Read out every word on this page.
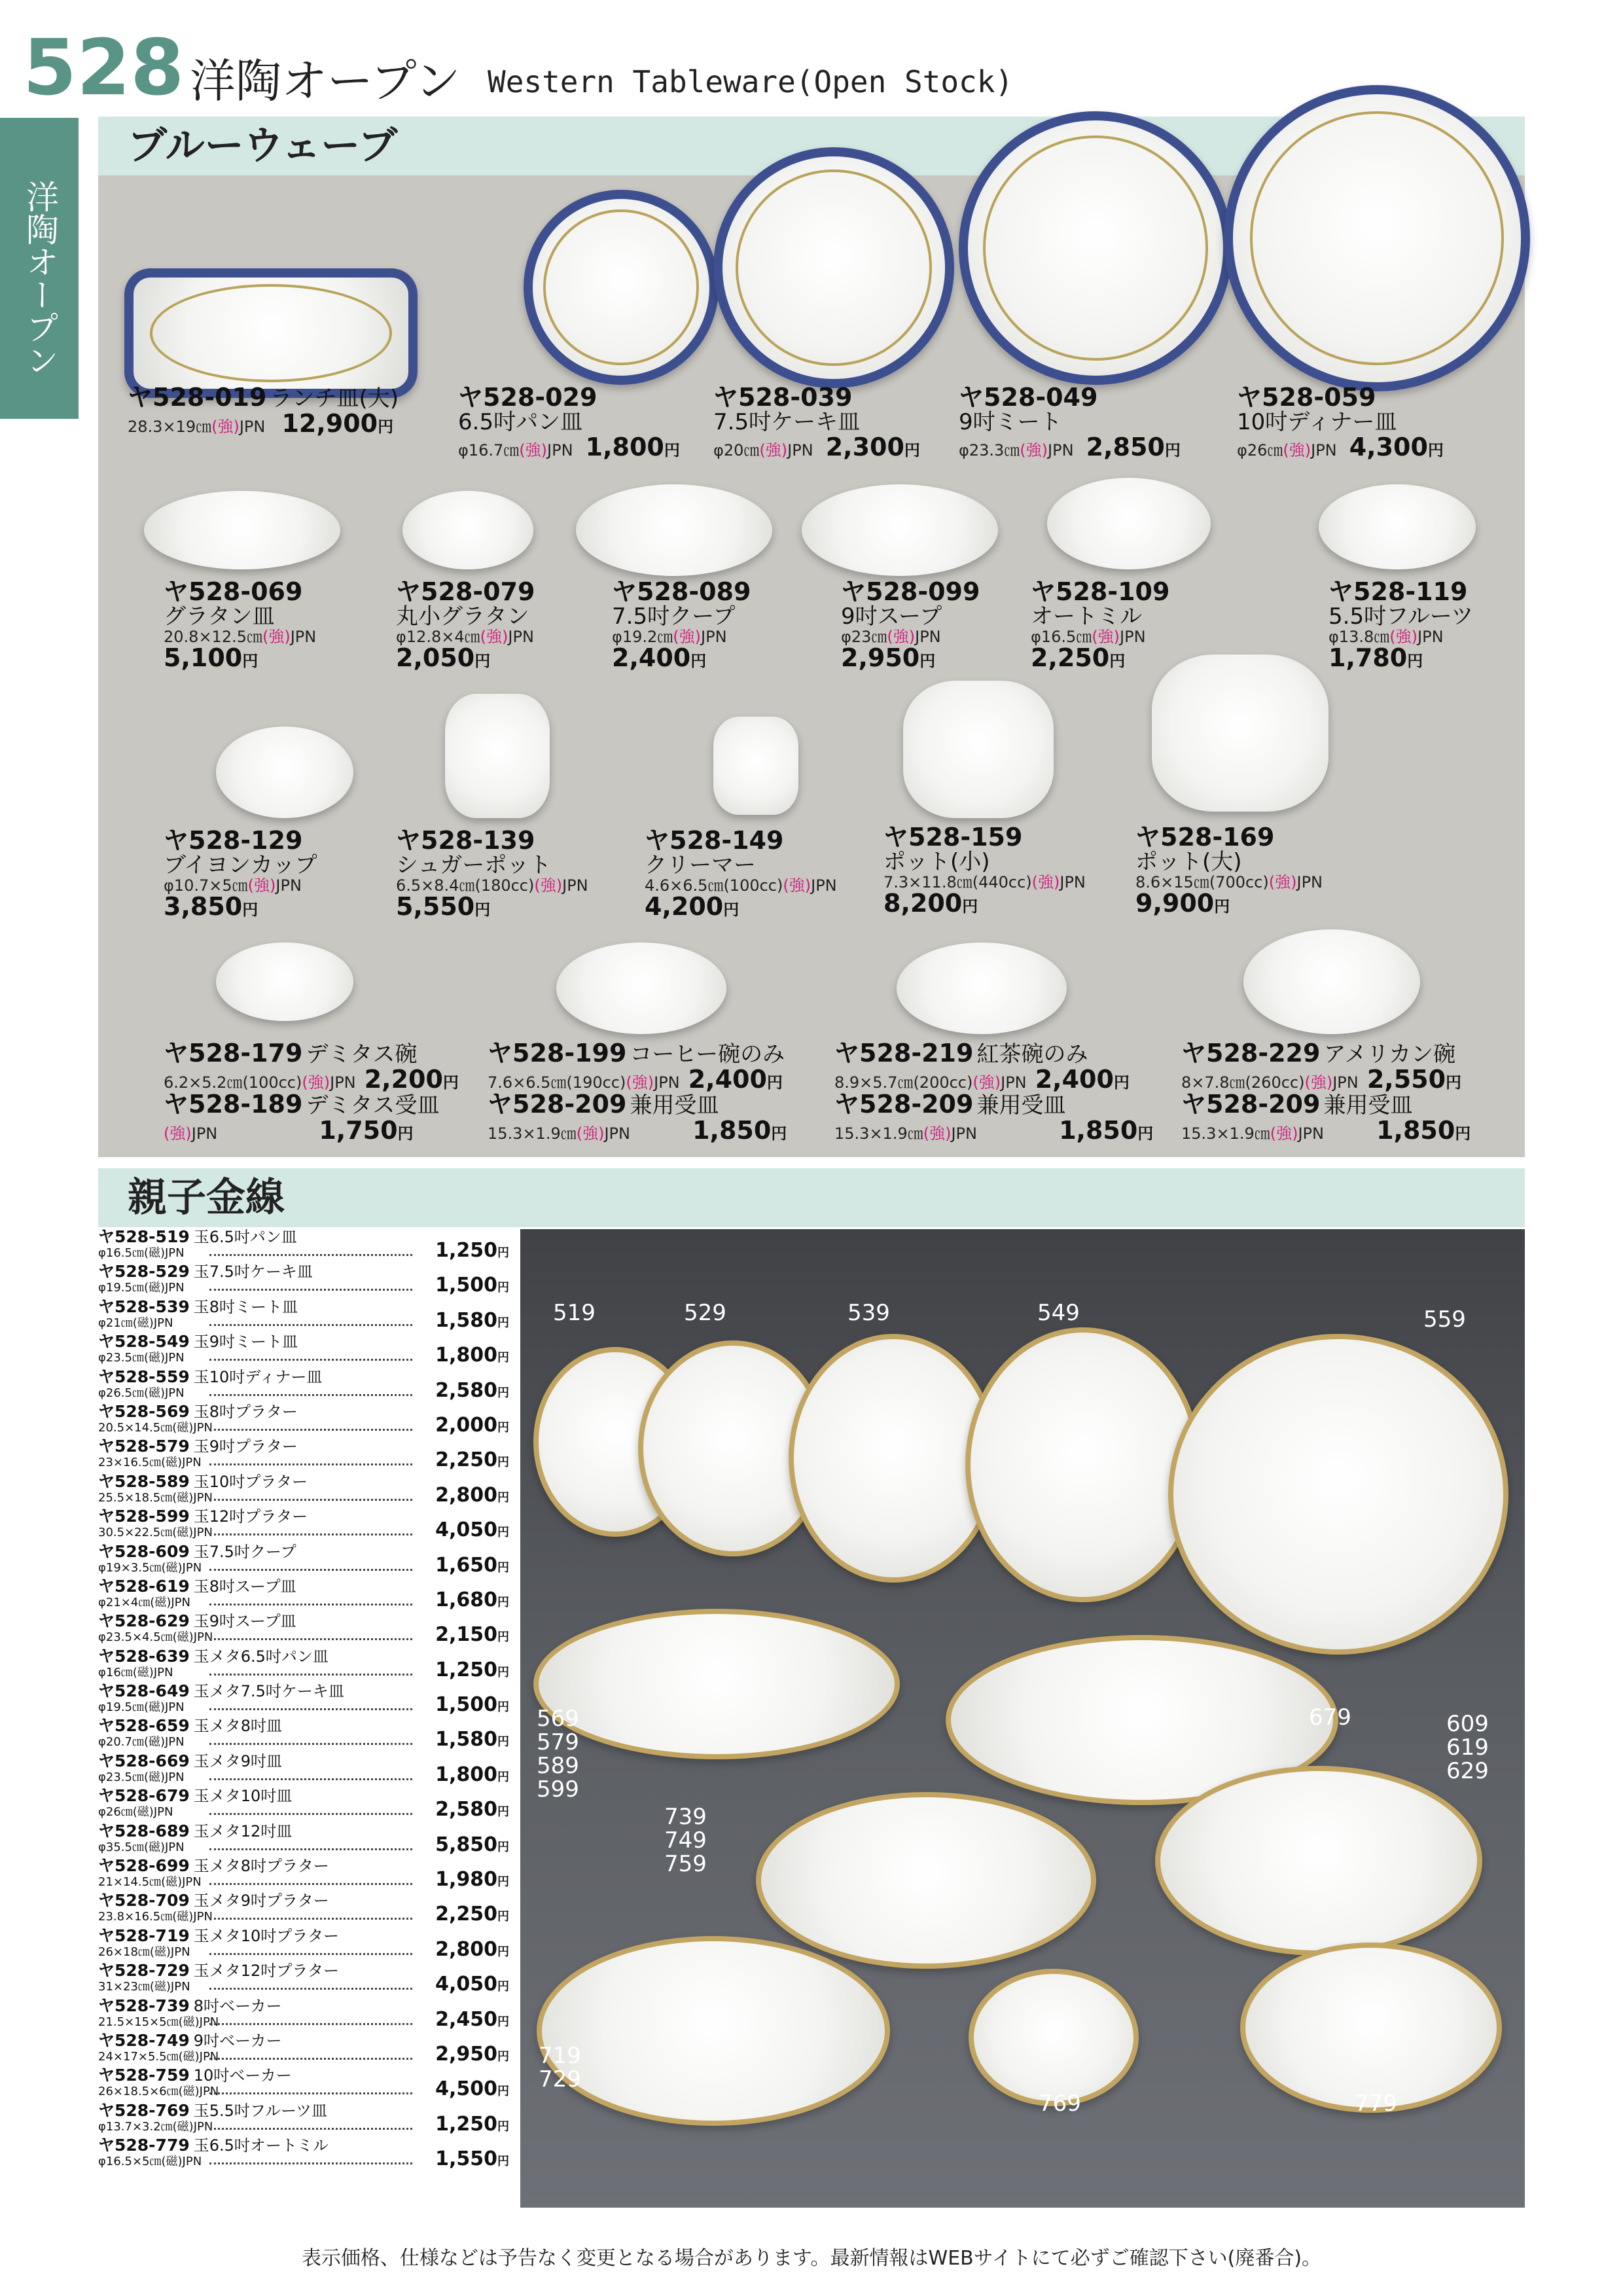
528 洋陶オープン Western Tableware(Open Stock)
洋陶オープン
ブルーウェーブ
ヤ528-019 ランチ皿(大)
28.3×19㎝(強)JPN 12,900円
ヤ528-029
6.5吋パン皿
φ16.7㎝(強)JPN 1,800円
ヤ528-039
7.5吋ケーキ皿
φ20㎝(強)JPN 2,300円
ヤ528-049
9吋ミート
φ23.3㎝(強)JPN 2,850円
ヤ528-059
10吋ディナー皿
φ26㎝(強)JPN 4,300円
ヤ528-069
グラタン皿
20.8×12.5㎝(強)JPN
5,100円
ヤ528-079
丸小グラタン
φ12.8×4㎝(強)JPN
2,050円
ヤ528-089
7.5吋クープ
φ19.2㎝(強)JPN
2,400円
ヤ528-099
9吋スープ
φ23㎝(強)JPN
2,950円
ヤ528-109
オートミル
φ16.5㎝(強)JPN
2,250円
ヤ528-119
5.5吋フルーツ
φ13.8㎝(強)JPN
1,780円
ヤ528-129
ブイヨンカップ
φ10.7×5㎝(強)JPN
3,850円
ヤ528-139
シュガーポット
6.5×8.4㎝(180cc)(強)JPN
5,550円
ヤ528-149
クリーマー
4.6×6.5㎝(100cc)(強)JPN
4,200円
ヤ528-159
ポット(小)
7.3×11.8㎝(440cc)(強)JPN
8,200円
ヤ528-169
ポット(大)
8.6×15㎝(700cc)(強)JPN
9,900円
ヤ528-179 デミタス碗
6.2×5.2㎝(100cc)(強)JPN 2,200円
ヤ528-189 デミタス受皿
(強)JPN	1,750円
ヤ528-199 コーヒー碗のみ
7.6×6.5㎝(190cc)(強)JPN 2,400円
ヤ528-209 兼用受皿
15.3×1.9㎝(強)JPN	1,850円
ヤ528-219 紅茶碗のみ
8.9×5.7㎝(200cc)(強)JPN 2,400円
ヤ528-209 兼用受皿
15.3×1.9㎝(強)JPN	1,850円
ヤ528-229 アメリカン碗
8×7.8㎝(260cc)(強)JPN 2,550円
ヤ528-209 兼用受皿
15.3×1.9㎝(強)JPN 1,850円
親子金線
ヤ528-519 玉6.5吋パン皿
φ16.5㎝(磁)JPN	1,250円
ヤ528-529 玉7.5吋ケーキ皿
φ19.5㎝(磁)JPN	1,500円
ヤ528-539 玉8吋ミート皿
φ21㎝(磁)JPN	1,580円
ヤ528-549 玉9吋ミート皿
φ23.5㎝(磁)JPN	1,800円
ヤ528-559 玉10吋ディナー皿
φ26.5㎝(磁)JPN	2,580円
ヤ528-569 玉8吋プラター
20.5×14.5㎝(磁)JPN	2,000円
ヤ528-579 玉9吋プラター
23×16.5㎝(磁)JPN	2,250円
ヤ528-589 玉10吋プラター
25.5×18.5㎝(磁)JPN	2,800円
ヤ528-599 玉12吋プラター
30.5×22.5㎝(磁)JPN	4,050円
ヤ528-609 玉7.5吋クープ
φ19×3.5㎝(磁)JPN	1,650円
ヤ528-619 玉8吋スープ皿
φ21×4㎝(磁)JPN	1,680円
ヤ528-629 玉9吋スープ皿
φ23.5×4.5㎝(磁)JPN	2,150円
ヤ528-639 玉メタ6.5吋パン皿
φ16㎝(磁)JPN	1,250円
ヤ528-649 玉メタ7.5吋ケーキ皿
φ19.5㎝(磁)JPN	1,500円
ヤ528-659 玉メタ8吋皿
φ20.7㎝(磁)JPN	1,580円
ヤ528-669 玉メタ9吋皿
φ23.5㎝(磁)JPN	1,800円
ヤ528-679 玉メタ10吋皿
φ26㎝(磁)JPN	2,580円
ヤ528-689 玉メタ12吋皿
φ35.5㎝(磁)JPN	5,850円
ヤ528-699 玉メタ8吋プラター
21×14.5㎝(磁)JPN	1,980円
ヤ528-709 玉メタ9吋プラター
23.8×16.5㎝(磁)JPN	2,250円
ヤ528-719 玉メタ10吋プラター
26×18㎝(磁)JPN	2,800円
ヤ528-729 玉メタ12吋プラター
31×23㎝(磁)JPN	4,050円
ヤ528-739 8吋ベーカー
21.5×15×5㎝(磁)JPN	2,450円
ヤ528-749 9吋ベーカー
24×17×5.5㎝(磁)JPN	2,950円
ヤ528-759 10吋ベーカー
26×18.5×6㎝(磁)JPN	4,500円
ヤ528-769 玉5.5吋フルーツ皿
φ13.7×3.2㎝(磁)JPN	1,250円
ヤ528-779 玉6.5吋オートミル
φ16.5×5㎝(磁)JPN	1,550円
519	529	539	549	559
569
579
589
599
679	609
619
629
739
749
759
719
729
769	779
表示価格、仕様などは予告なく変更となる場合があります。最新情報はWEBサイトにて必ずご確認下さい(廃番合)。
